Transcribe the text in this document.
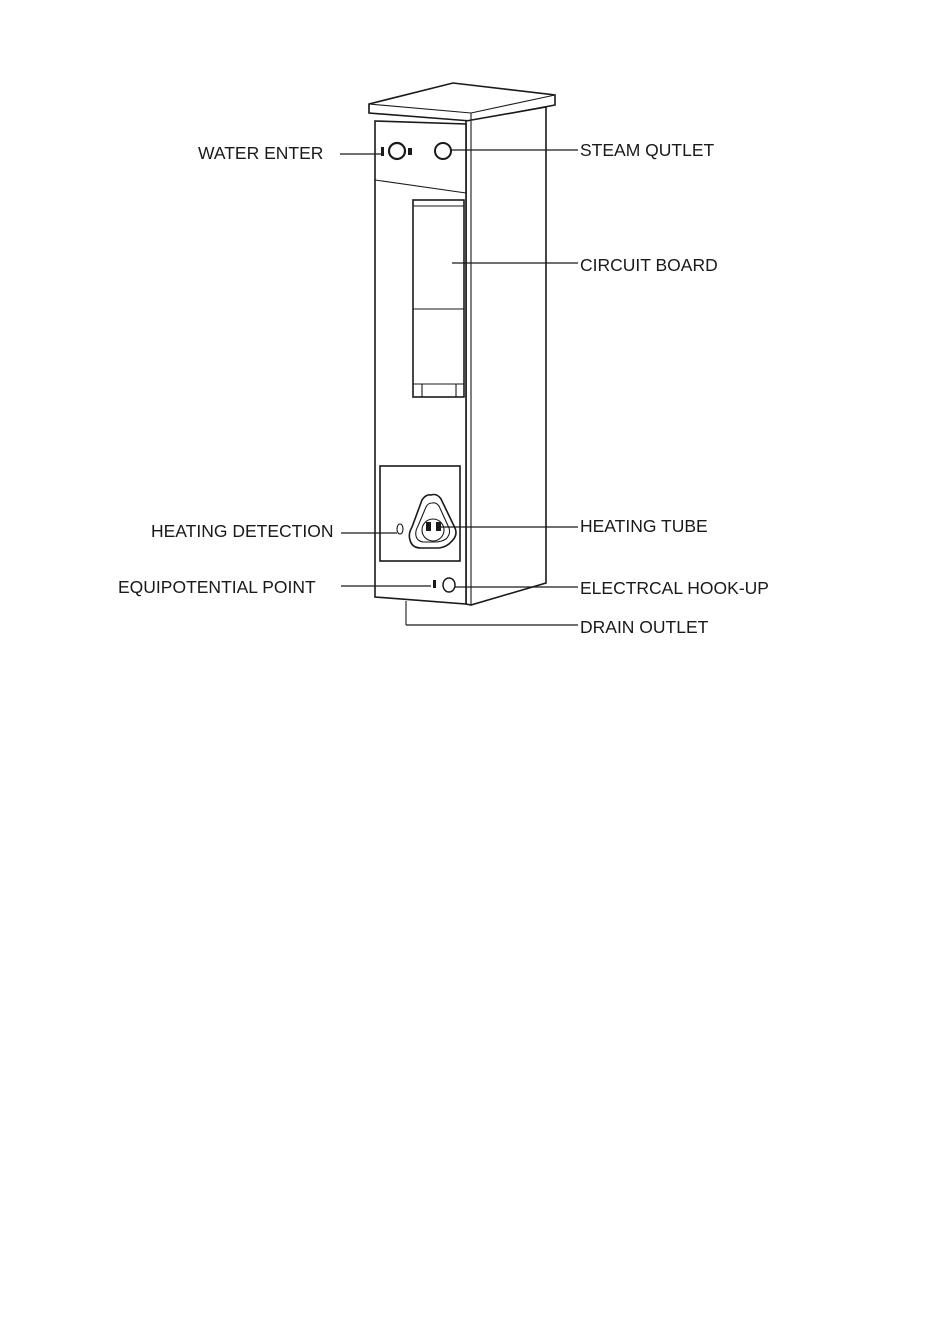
WATER ENTER	STEAM QUTLET
CIRCUIT BOARD
HEATING DETECTION	HEATING TUBE
EQUIPOTENTIAL POINT	ELECTRCAL HOOK-UP
DRAIN OUTLET
